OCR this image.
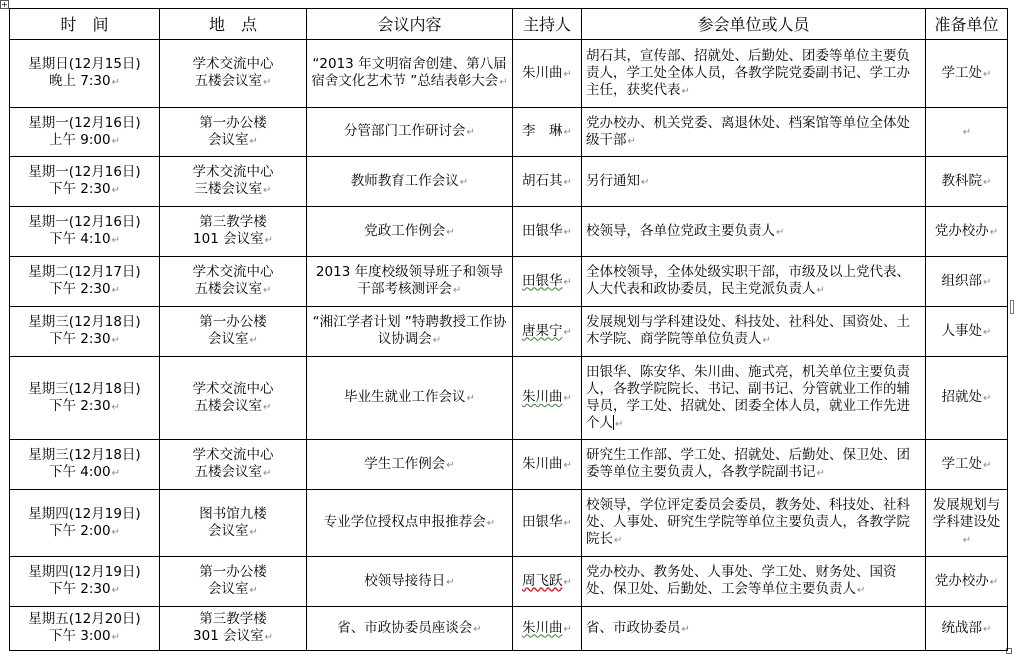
+
时　间	地　点	会议内容	主持人	参会单位或人员	准备单位
星期日(12月15日)
晚上 7:30↵	学术交流中心
五楼会议室↵	“2013 年文明宿舍创建、第八届宿舍文化艺术节 ”总结表彰大会↵	朱川曲↵	胡石其，宣传部、招就处、后勤处、团委等单位主要负责人，学工处全体人员，各教学院党委副书记、学工办主任，获奖代表↵	学工处↵
星期一(12月16日)
上午 9:00↵	第一办公楼
会议室↵	分管部门工作研讨会↵	李　琳↵	党办校办、机关党委、离退休处、档案馆等单位全体处级干部↵	↵
星期一(12月16日)
下午 2:30↵	学术交流中心
三楼会议室↵	教师教育工作会议↵	胡石其↵	另行通知↵	教科院↵
星期一(12月16日)
下午 4:10↵	第三教学楼
101 会议室↵	党政工作例会↵	田银华↵	校领导，各单位党政主要负责人↵	党办校办↵
星期二(12月17日)
下午 2:30↵	学术交流中心
五楼会议室↵	2013 年度校级领导班子和领导干部考核测评会↵	田银华↵	全体校领导，全体处级实职干部，市级及以上党代表、人大代表和政协委员，民主党派负责人↵	组织部↵
星期三(12月18日)
下午 2:30↵	第一办公楼
会议室↵	“湘江学者计划 ”特聘教授工作协议协调会↵	唐果宁↵	发展规划与学科建设处、科技处、社科处、国资处、土木学院、商学院等单位负责人↵	人事处↵
星期三(12月18日)
下午 2:30↵	学术交流中心
五楼会议室↵	毕业生就业工作会议↵	朱川曲↵	田银华、陈安华、朱川曲、施式亮，机关单位主要负责人，各教学院院长、书记、副书记、分管就业工作的辅导员，学工处、招就处、团委全体人员，就业工作先进个人 ↵	招就处↵
星期三(12月18日)
下午 4:00↵	学术交流中心
五楼会议室↵	学生工作例会↵	朱川曲↵	研究生工作部、学工处、招就处、后勤处、保卫处、团委等单位主要负责人，各教学院副书记↵	学工处↵
星期四(12月19日)
下午 2:00↵	图书馆九楼
会议室↵	专业学位授权点申报推荐会↵	田银华↵	校领导，学位评定委员会委员，教务处、科技处、社科处、人事处、研究生学院等单位主要负责人，各教学院院长↵	发展规划与学科建设处↵
星期四(12月19日)
下午 2:30↵	第一办公楼
会议室↵	校领导接待日↵	周飞跃↵	党办校办、教务处、人事处、学工处、财务处、国资处、保卫处、后勤处、工会等单位主要负责人↵	党办校办↵
星期五(12月20日)
下午 3:00↵	第三教学楼
301 会议室↵	省、市政协委员座谈会↵	朱川曲↵	省、市政协委员↵	统战部↵
